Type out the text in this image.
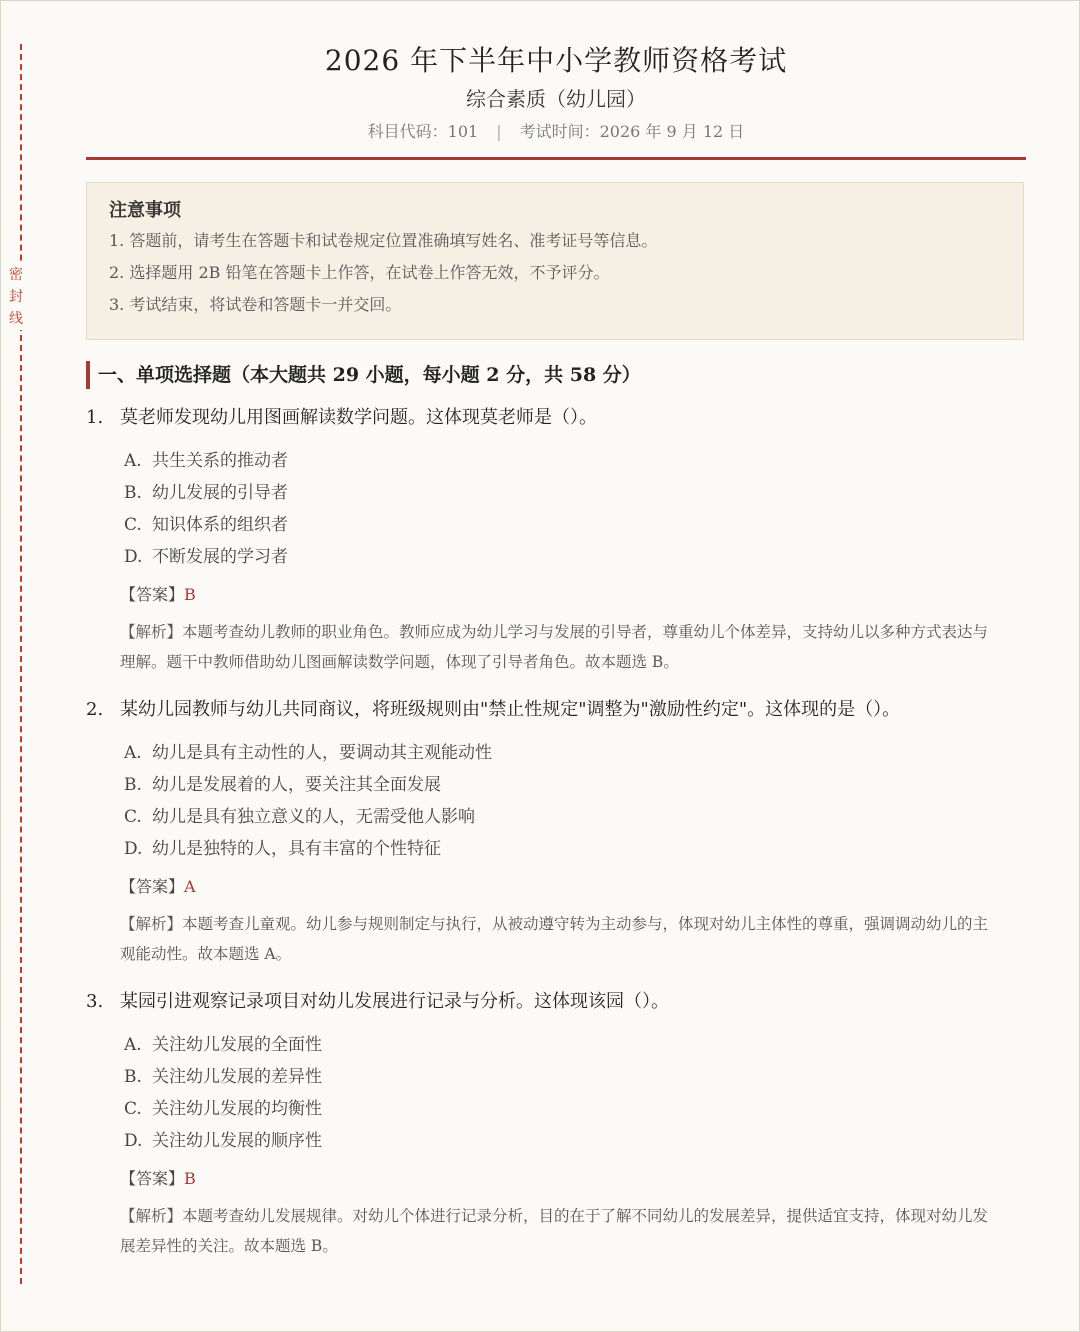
密
封
线
2026 年下半年中小学教师资格考试
综合素质（幼儿园）
科目代码：101 | 考试时间：2026 年 9 月 12 日
注意事项
1. 答题前，请考生在答题卡和试卷规定位置准确填写姓名、准考证号等信息。
2. 选择题用 2B 铅笔在答题卡上作答，在试卷上作答无效，不予评分。
3. 考试结束，将试卷和答题卡一并交回。
一、单项选择题（本大题共 29 小题，每小题 2 分，共 58 分）
1. 莫老师发现幼儿用图画解读数学问题。这体现莫老师是（）。
A. 共生关系的推动者
B. 幼儿发展的引导者
C. 知识体系的组织者
D. 不断发展的学习者
【答案】B
【解析】本题考查幼儿教师的职业角色。教师应成为幼儿学习与发展的引导者，尊重幼儿个体差异，支持幼儿以多种方式表达与理解。题干中教师借助幼儿图画解读数学问题，体现了引导者角色。故本题选 B。
2. 某幼儿园教师与幼儿共同商议，将班级规则由"禁止性规定"调整为"激励性约定"。这体现的是（）。
A. 幼儿是具有主动性的人，要调动其主观能动性
B. 幼儿是发展着的人，要关注其全面发展
C. 幼儿是具有独立意义的人，无需受他人影响
D. 幼儿是独特的人，具有丰富的个性特征
【答案】A
【解析】本题考查儿童观。幼儿参与规则制定与执行，从被动遵守转为主动参与，体现对幼儿主体性的尊重，强调调动幼儿的主观能动性。故本题选 A。
3. 某园引进观察记录项目对幼儿发展进行记录与分析。这体现该园（）。
A. 关注幼儿发展的全面性
B. 关注幼儿发展的差异性
C. 关注幼儿发展的均衡性
D. 关注幼儿发展的顺序性
【答案】B
【解析】本题考查幼儿发展规律。对幼儿个体进行记录分析，目的在于了解不同幼儿的发展差异，提供适宜支持，体现对幼儿发展差异性的关注。故本题选 B。
